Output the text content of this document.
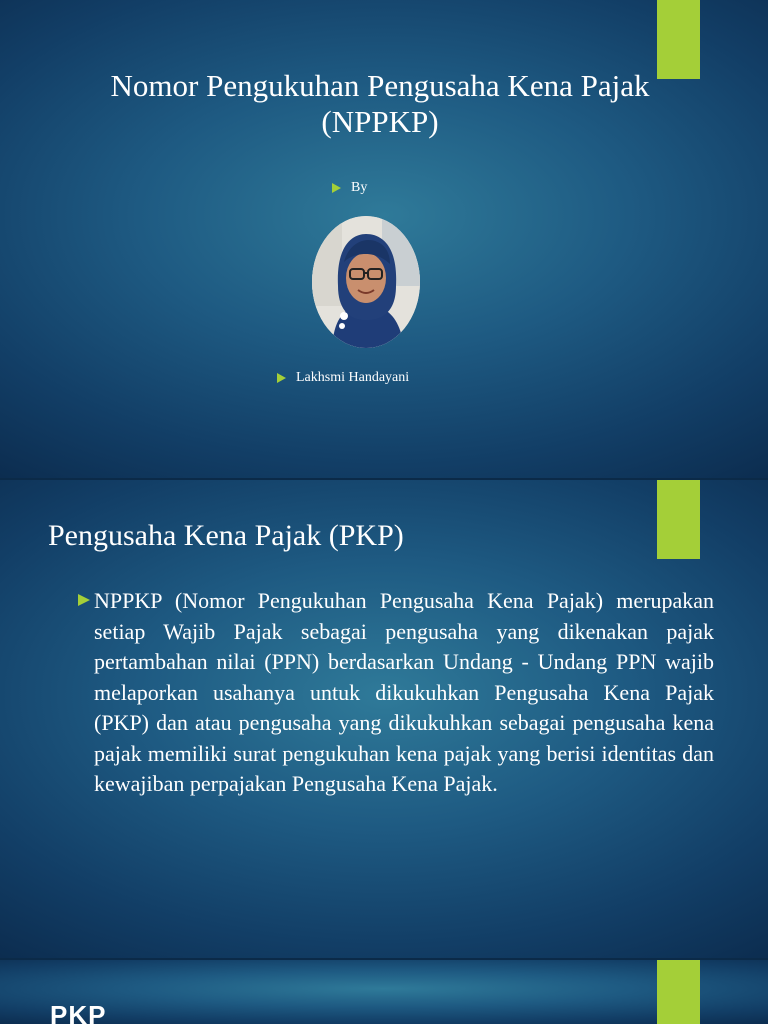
Nomor Pengukuhan Pengusaha Kena Pajak (NPPKP)
By
Lakhsmi Handayani
Pengusaha Kena Pajak (PKP)

NPPKP (Nomor Pengukuhan Pengusaha Kena Pajak) merupakan setiap Wajib Pajak sebagai pengusaha yang dikenakan pajak pertambahan nilai (PPN) berdasarkan Undang - Undang PPN wajib melaporkan usahanya untuk dikukuhkan Pengusaha Kena Pajak (PKP) dan atau pengusaha yang dikukuhkan sebagai pengusaha kena pajak memiliki surat pengukuhan kena pajak yang berisi identitas dan kewajiban perpajakan Pengusaha Kena Pajak.

PKP
